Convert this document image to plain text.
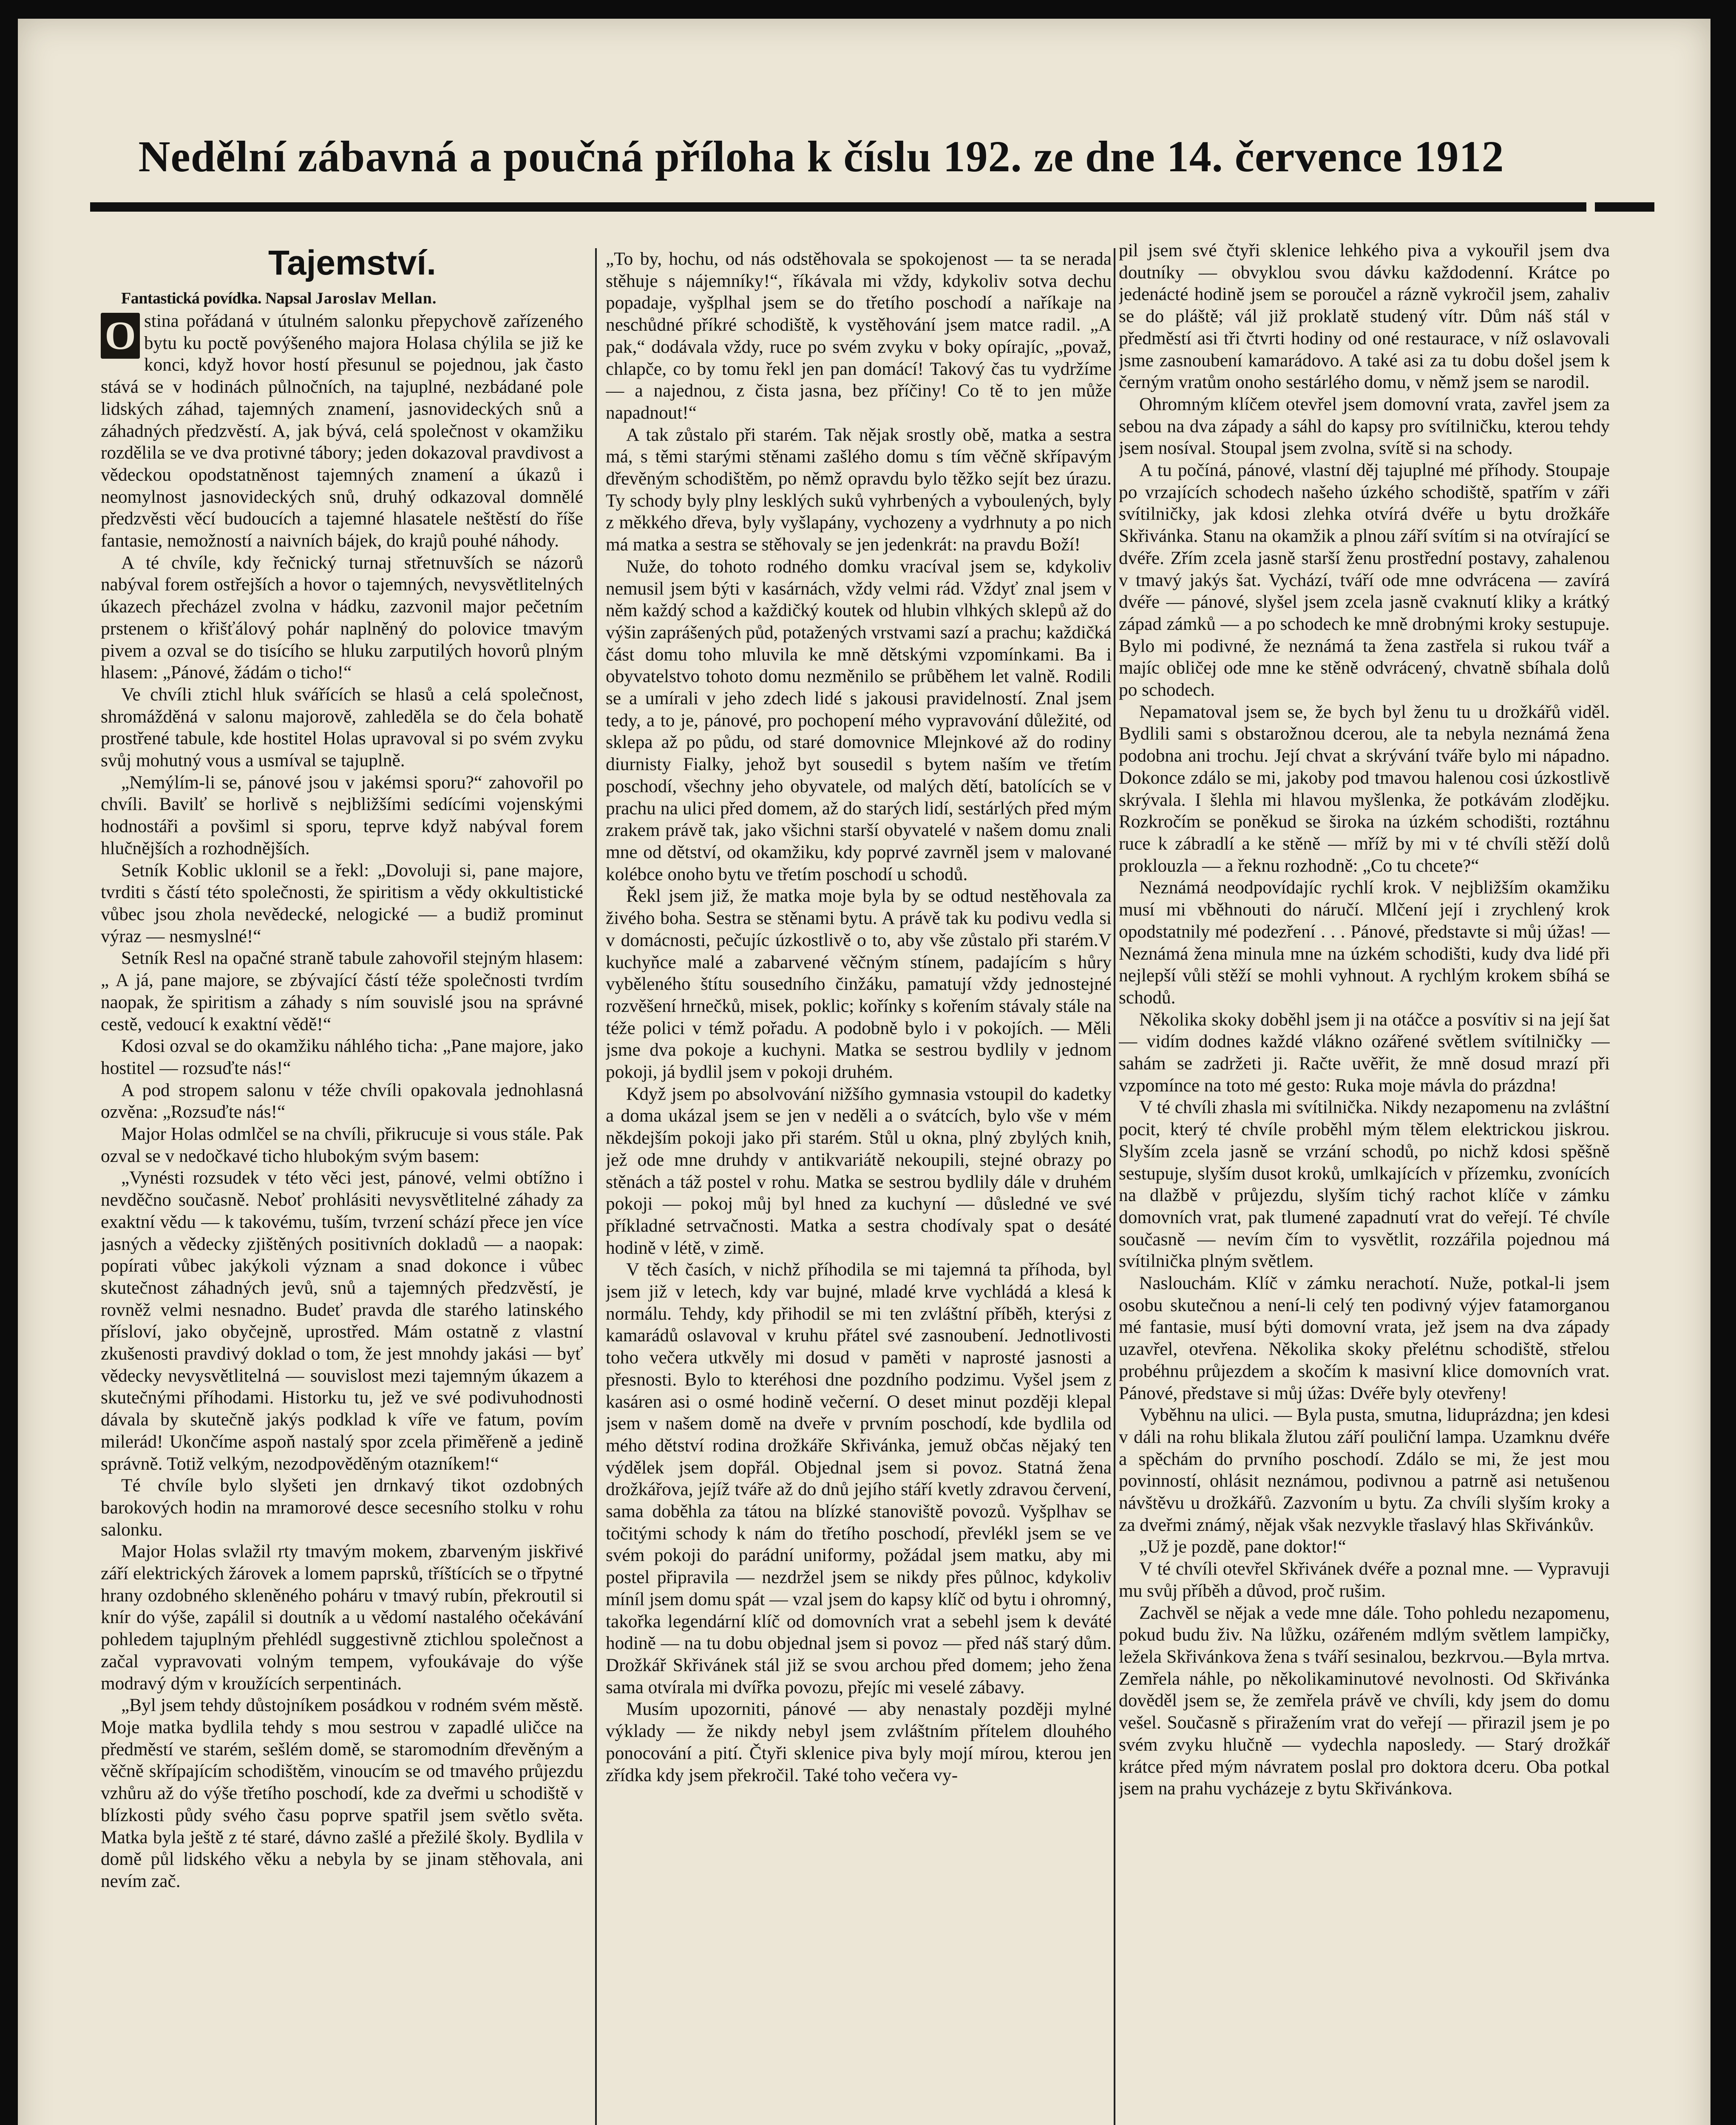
Nedělní zábavná a poučná příloha k číslu 192. ze dne 14. července 1912

Tajemství.

Fantastická povídka. Napsal Jaroslav Mellan.

O stina pořádaná v útulném salonku přepychově zařízeného bytu ku poctě povýšeného majora Holasa chýlila se již ke konci, když hovor hostí přesunul se pojednou, jak často stává se v hodinách půlnočních, na tajuplné, nezbádané pole lidských záhad, tajemných znamení, jasnovideckých snů a záhadných předzvěstí. A, jak bývá, celá společnost v okamžiku rozdělila se ve dva protivné tábory; jeden dokazoval pravdivost a vědeckou opodstatněnost tajemných znamení a úkazů i neomylnost jasnovideckých snů, druhý odkazoval domnělé předzvěsti věcí budoucích a tajemné hlasatele neštěstí do říše fantasie, nemožností a naivních bájek, do krajů pouhé náhody.

A té chvíle, kdy řečnický turnaj střetnuvších se názorů nabýval forem ostřejších a hovor o tajemných, nevysvětlitelných úkazech přecházel zvolna v hádku, zazvonil major pečetním prstenem o křišťálový pohár naplněný do polovice tmavým pivem a ozval se do tisícího se hluku zarputilých hovorů plným hlasem: „Pánové, žádám o ticho!“

Ve chvíli ztichl hluk svářících se hlasů a celá společnost, shromážděná v salonu majorově, zahleděla se do čela bohatě prostřené tabule, kde hostitel Holas upravoval si po svém zvyku svůj mohutný vous a usmíval se tajuplně.

„Nemýlím-li se, pánové jsou v jakémsi sporu?“ zahovořil po chvíli. Bavilť se horlivě s nejbližšími sedícími vojenskými hodnostáři a povšiml si sporu, teprve když nabýval forem hlučnějších a rozhodnějších.

Setník Koblic uklonil se a řekl: „Dovoluji si, pane majore, tvrditi s částí této společnosti, že spiritism a vědy okkultistické vůbec jsou zhola nevědecké, nelogické — a budiž prominut výraz — nesmyslné!“

Setník Resl na opačné straně tabule zahovořil stejným hlasem: „ A já, pane majore, se zbývající částí téže společnosti tvrdím naopak, že spiritism a záhady s ním souvislé jsou na správné cestě, vedoucí k exaktní vědě!“

Kdosi ozval se do okamžiku náhlého ticha: „Pane majore, jako hostitel — rozsuďte nás!“

A pod stropem salonu v téže chvíli opakovala jednohlasná ozvěna: „Rozsuďte nás!“

Major Holas odmlčel se na chvíli, přikrucuje si vous stále. Pak ozval se v nedočkavé ticho hlubokým svým basem:

„Vynésti rozsudek v této věci jest, pánové, velmi obtížno i nevděčno současně. Neboť prohlásiti nevysvětlitelné záhady za exaktní vědu — k takovému, tuším, tvrzení schází přece jen více jasných a vědecky zjištěných positivních dokladů — a naopak: popírati vůbec jakýkoli význam a snad dokonce i vůbec skutečnost záhadných jevů, snů a tajemných předzvěstí, je rovněž velmi nesnadno. Budeť pravda dle starého latinského přísloví, jako obyčejně, uprostřed. Mám ostatně z vlastní zkušenosti pravdivý doklad o tom, že jest mnohdy jakási — byť vědecky nevysvětlitelná — souvislost mezi tajemným úkazem a skutečnými příhodami. Historku tu, jež ve své podivuhodnosti dávala by skutečně jakýs podklad k víře ve fatum, povím milerád! Ukončíme aspoň nastalý spor zcela přiměřeně a jedině správně. Totiž velkým, nezodpověděným otazníkem!“

Té chvíle bylo slyšeti jen drnkavý tikot ozdobných barokových hodin na mramorové desce secesního stolku v rohu salonku.

Major Holas svlažil rty tmavým mokem, zbarveným jiskřivé září elektrických žárovek a lomem paprsků, tříštících se o třpytné hrany ozdobného skleněného poháru v tmavý rubín, překroutil si knír do výše, zapálil si doutník a u vědomí nastalého očekávání pohledem tajuplným přehlédl suggestivně ztichlou společnost a začal vypravovati volným tempem, vyfoukávaje do výše modravý dým v kroužících serpentinách.

„Byl jsem tehdy důstojníkem posádkou v rodném svém městě. Moje matka bydlila tehdy s mou sestrou v zapadlé uličce na předměstí ve starém, sešlém domě, se staromodním dřevěným a věčně skřípajícím schodištěm, vinoucím se od tmavého průjezdu vzhůru až do výše třetího poschodí, kde za dveřmi u schodiště v blízkosti půdy svého času poprve spatřil jsem světlo světa. Matka byla ještě z té staré, dávno zašlé a přežilé školy. Bydlila v domě půl lidského věku a nebyla by se jinam stěhovala, ani nevím zač.

„To by, hochu, od nás odstěhovala se spokojenost — ta se nerada stěhuje s nájemníky!“, říkávala mi vždy, kdykoliv sotva dechu popadaje, vyšplhal jsem se do třetího poschodí a naříkaje na neschůdné příkré schodiště, k vystěhování jsem matce radil. „A pak,“ dodávala vždy, ruce po svém zvyku v boky opírajíc, „považ, chlapče, co by tomu řekl jen pan domácí! Takový čas tu vydržíme — a najednou, z čista jasna, bez příčiny! Co tě to jen může napadnout!“

A tak zůstalo při starém. Tak nějak srostly obě, matka a sestra má, s těmi starými stěnami zašlého domu s tím věčně skřípavým dřevěným schodištěm, po němž opravdu bylo těžko sejít bez úrazu. Ty schody byly plny lesklých suků vyhrbených a vyboulených, byly z měkkého dřeva, byly vyšlapány, vychozeny a vydrhnuty a po nich má matka a sestra se stěhovaly se jen jedenkrát: na pravdu Boží!

Nuže, do tohoto rodného domku vracíval jsem se, kdykoliv nemusil jsem býti v kasárnách, vždy velmi rád. Vždyť znal jsem v něm každý schod a každičký koutek od hlubin vlhkých sklepů až do výšin zaprášených půd, potažených vrstvami sazí a prachu; každičká část domu toho mluvila ke mně dětskými vzpomínkami. Ba i obyvatelstvo tohoto domu nezměnilo se průběhem let valně. Rodili se a umírali v jeho zdech lidé s jakousi pravidelností. Znal jsem tedy, a to je, pánové, pro pochopení mého vypravování důležité, od sklepa až po půdu, od staré domovnice Mlejnkové až do rodiny diurnisty Fialky, jehož byt sousedil s bytem naším ve třetím poschodí, všechny jeho obyvatele, od malých dětí, batolících se v prachu na ulici před domem, až do starých lidí, sestárlých před mým zrakem právě tak, jako všichni starší obyvatelé v našem domu znali mne od dětství, od okamžiku, kdy poprvé zavrněl jsem v malované kolébce onoho bytu ve třetím poschodí u schodů.

Řekl jsem již, že matka moje byla by se odtud nestěhovala za živého boha. Sestra se stěnami bytu. A právě tak ku podivu vedla si v domácnosti, pečujíc úzkostlivě o to, aby vše zůstalo při starém.V kuchyňce malé a zabarvené věčným stínem, padajícím s hůry vyběleného štítu sousedního činžáku, pamatují vždy jednostejné rozvěšení hrnečků, misek, poklic; kořínky s kořením stávaly stále na téže polici v témž pořadu. A podobně bylo i v pokojích. — Měli jsme dva pokoje a kuchyni. Matka se sestrou bydlily v jednom pokoji, já bydlil jsem v pokoji druhém.

Když jsem po absolvování nižšího gymnasia vstoupil do kadetky a doma ukázal jsem se jen v neděli a o svátcích, bylo vše v mém někdejším pokoji jako při starém. Stůl u okna, plný zbylých knih, jež ode mne druhdy v antikvariátě nekoupili, stejné obrazy po stěnách a táž postel v rohu. Matka se sestrou bydlily dále v druhém pokoji — pokoj můj byl hned za kuchyní — důsledné ve své příkladné setrvačnosti. Matka a sestra chodívaly spat o desáté hodině v létě, v zimě.

V těch časích, v nichž příhodila se mi tajemná ta příhoda, byl jsem již v letech, kdy var bujné, mladé krve vychládá a klesá k normálu. Tehdy, kdy přihodil se mi ten zvláštní příběh, kterýsi z kamarádů oslavoval v kruhu přátel své zasnoubení. Jednotlivosti toho večera utkvěly mi dosud v paměti v naprosté jasnosti a přesnosti. Bylo to kteréhosi dne pozdního podzimu. Vyšel jsem z kasáren asi o osmé hodině večerní. O deset minut později klepal jsem v našem domě na dveře v prvním poschodí, kde bydlila od mého dětství rodina drožkáře Skřivánka, jemuž občas nějaký ten výdělek jsem dopřál. Objednal jsem si povoz. Statná žena drožkářova, jejíž tváře až do dnů jejího stáří kvetly zdravou červení, sama doběhla za tátou na blízké stanoviště povozů. Vyšplhav se točitými schody k nám do třetího poschodí, převlékl jsem se ve svém pokoji do parádní uniformy, požádal jsem matku, aby mi postel připravila — nezdržel jsem se nikdy přes půlnoc, kdykoliv míníl jsem domu spát — vzal jsem do kapsy klíč od bytu i ohromný, takořka legendární klíč od domovních vrat a sebehl jsem k deváté hodině — na tu dobu objednal jsem si povoz — před náš starý dům. Drožkář Skřivánek stál již se svou archou před domem; jeho žena sama otvírala mi dvířka povozu, přejíc mi veselé zábavy.

Musím upozorniti, pánové — aby nenastaly později mylné výklady — že nikdy nebyl jsem zvláštním přítelem dlouhého ponocování a pití. Čtyři sklenice piva byly mojí mírou, kterou jen zřídka kdy jsem překročil. Také toho večera vy-

pil jsem své čtyři sklenice lehkého piva a vykouřil jsem dva doutníky — obvyklou svou dávku každodenní. Krátce po jedenácté hodině jsem se poroučel a rázně vykročil jsem, zahaliv se do pláště; vál již proklatě studený vítr. Dům náš stál v předměstí asi tři čtvrti hodiny od oné restaurace, v níž oslavovali jsme zasnoubení kamarádovo. A také asi za tu dobu došel jsem k černým vratům onoho sestárlého domu, v němž jsem se narodil.

Ohromným klíčem otevřel jsem domovní vrata, zavřel jsem za sebou na dva západy a sáhl do kapsy pro svítilničku, kterou tehdy jsem nosíval. Stoupal jsem zvolna, svítě si na schody.

A tu počíná, pánové, vlastní děj tajuplné mé příhody. Stoupaje po vrzajících schodech našeho úzkého schodiště, spatřím v záři svítilničky, jak kdosi zlehka otvírá dvéře u bytu drožkáře Skřivánka. Stanu na okamžik a plnou září svítím si na otvírající se dvéře. Zřím zcela jasně starší ženu prostřední postavy, zahalenou v tmavý jakýs šat. Vychází, tváří ode mne odvrácena — zavírá dvéře — pánové, slyšel jsem zcela jasně cvaknutí kliky a krátký západ zámků — a po schodech ke mně drobnými kroky sestupuje. Bylo mi podivné, že neznámá ta žena zastřela si rukou tvář a majíc obličej ode mne ke stěně odvrácený, chvatně sbíhala dolů po schodech.

Nepamatoval jsem se, že bych byl ženu tu u drožkářů viděl. Bydlili sami s obstarožnou dcerou, ale ta nebyla neznámá žena podobna ani trochu. Její chvat a skrývání tváře bylo mi nápadno. Dokonce zdálo se mi, jakoby pod tmavou halenou cosi úzkostlivě skrývala. I šlehla mi hlavou myšlenka, že potkávám zlodějku. Rozkročím se poněkud se široka na úzkém schodišti, roztáhnu ruce k zábradlí a ke stěně — mříž by mi v té chvíli stěží dolů proklouzla — a řeknu rozhodně: „Co tu chcete?“

Neznámá neodpovídajíc rychlí krok. V nejbližším okamžiku musí mi vběhnouti do náručí. Mlčení její i zrychlený krok opodstatnily mé podezření . . . Pánové, představte si můj úžas! — Neznámá žena minula mne na úzkém schodišti, kudy dva lidé při nejlepší vůli stěží se mohli vyhnout. A rychlým krokem sbíhá se schodů.

Několika skoky doběhl jsem ji na otáčce a posvítiv si na její šat — vidím dodnes každé vlákno ozářené světlem svítilničky — sahám se zadržeti ji. Račte uvěřit, že mně dosud mrazí při vzpomínce na toto mé gesto: Ruka moje mávla do prázdna!

V té chvíli zhasla mi svítilnička. Nikdy nezapomenu na zvláštní pocit, který té chvíle proběhl mým tělem elektrickou jiskrou. Slyším zcela jasně se vrzání schodů, po nichž kdosi spěšně sestupuje, slyším dusot kroků, umlkajících v přízemku, zvonících na dlažbě v průjezdu, slyším tichý rachot klíče v zámku domovních vrat, pak tlumené zapadnutí vrat do veřejí. Té chvíle současně — nevím čím to vysvětlit, rozzářila pojednou má svítilnička plným světlem.

Naslouchám. Klíč v zámku nerachotí. Nuže, potkal-li jsem osobu skutečnou a není-li celý ten podivný výjev fatamorganou mé fantasie, musí býti domovní vrata, jež jsem na dva západy uzavřel, otevřena. Několika skoky přelétnu schodiště, střelou probéhnu průjezdem a skočím k masivní klice domovních vrat. Pánové, představe si můj úžas: Dvéře byly otevřeny!

Vyběhnu na ulici. — Byla pusta, smutna, liduprázdna; jen kdesi v dáli na rohu blikala žlutou září pouliční lampa. Uzamknu dvéře a spěchám do prvního poschodí. Zdálo se mi, že jest mou povinností, ohlásit neznámou, podivnou a patrně asi netušenou návštěvu u drožkářů. Zazvoním u bytu. Za chvíli slyším kroky a za dveřmi známý, nějak však nezvykle třaslavý hlas Skřivánkův.

„Už je pozdě, pane doktor!“

V té chvíli otevřel Skřivánek dvéře a poznal mne. — Vypravuji mu svůj příběh a důvod, proč rušim.

Zachvěl se nějak a vede mne dále. Toho pohledu nezapomenu, pokud budu živ. Na lůžku, ozářeném mdlým světlem lampičky, ležela Skřivánkova žena s tváří sesinalou, bezkrvou.—Byla mrtva. Zemřela náhle, po několikaminutové nevolnosti. Od Skřivánka dověděl jsem se, že zemřela právě ve chvíli, kdy jsem do domu vešel. Současně s přiražením vrat do veřejí — přirazil jsem je po svém zvyku hlučně — vydechla naposledy. — Starý drožkář krátce před mým návratem poslal pro doktora dceru. Oba potkal jsem na prahu vycházeje z bytu Skřivánkova.
